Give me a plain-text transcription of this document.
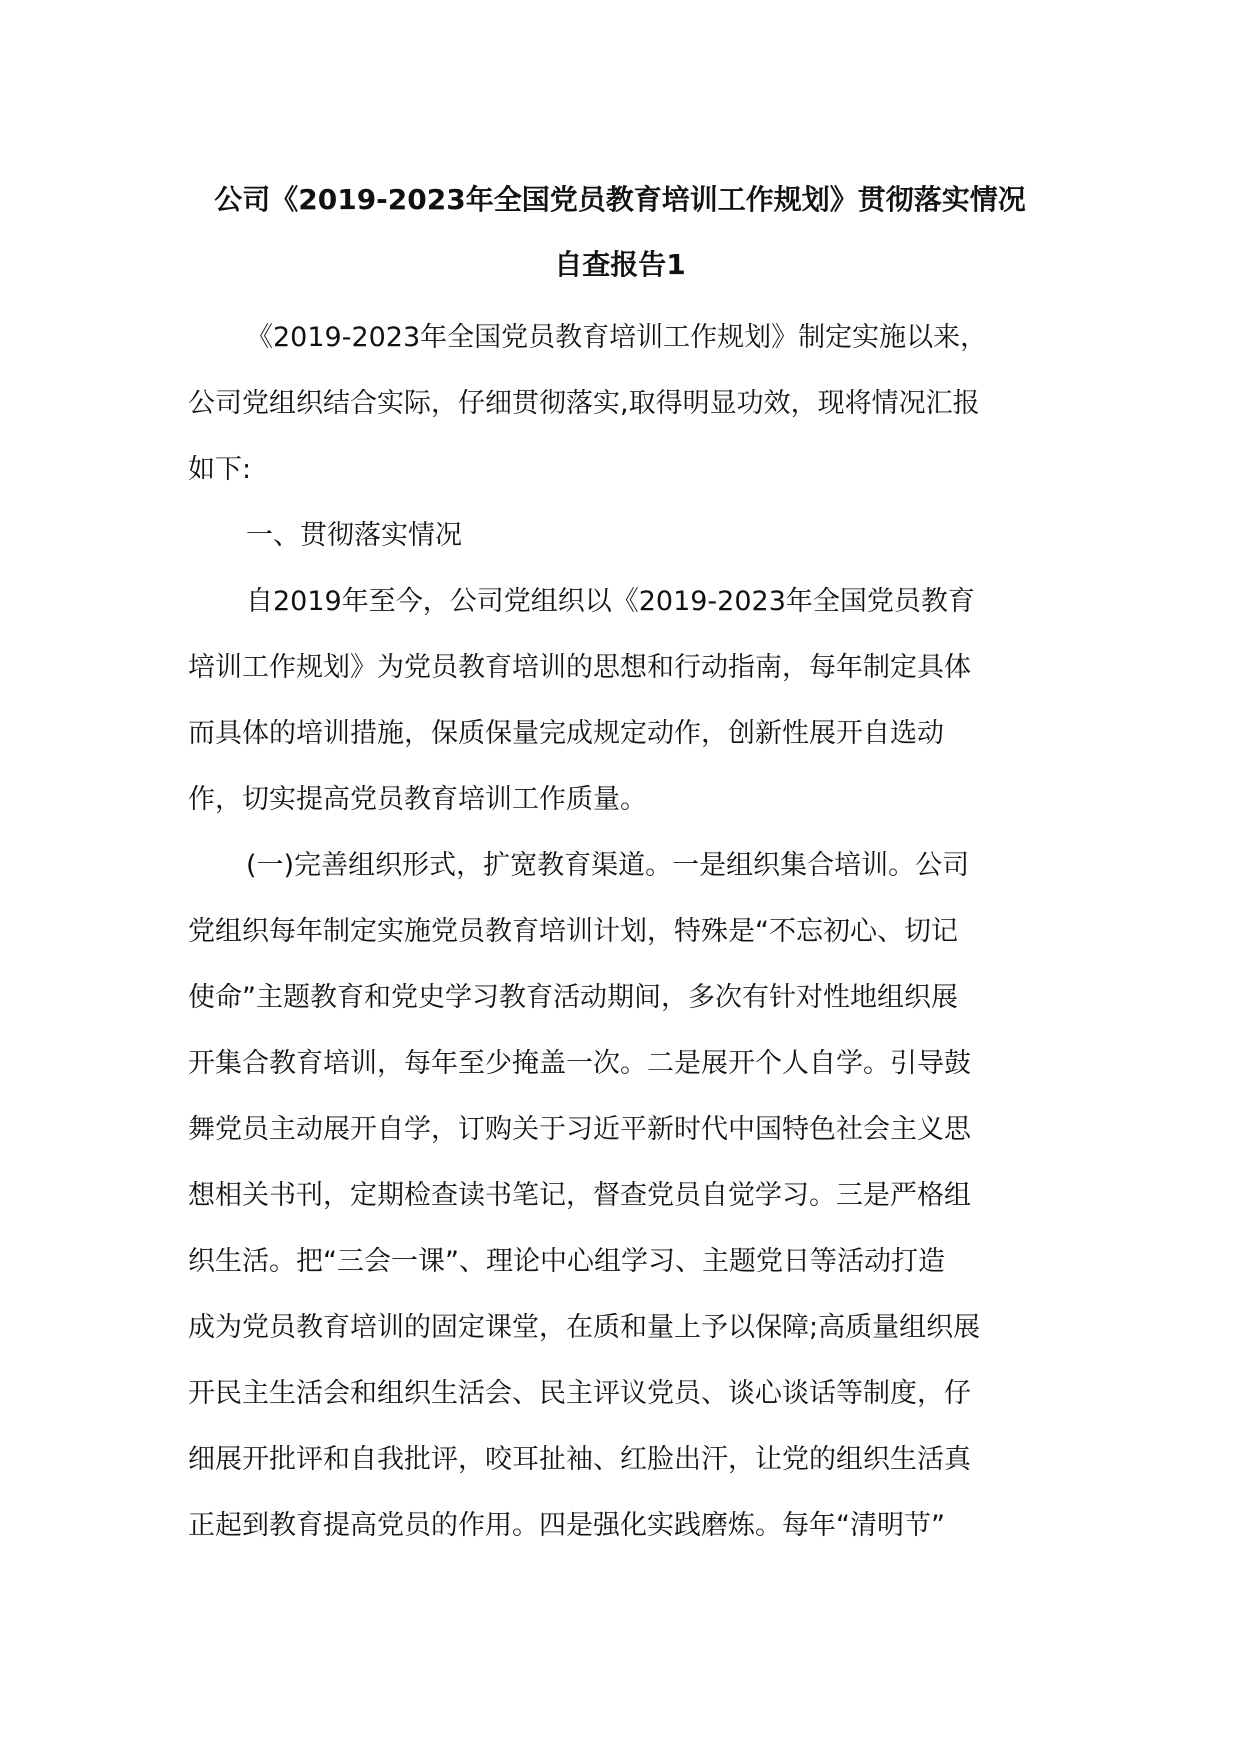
公司《2019-2023年全国党员教育培训工作规划》贯彻落实情况
自查报告1
《2019-2023年全国党员教育培训工作规划》制定实施以来，
公司党组织结合实际，仔细贯彻落实,取得明显功效，现将情况汇报
如下:
一、贯彻落实情况
自2019年至今，公司党组织以《2019-2023年全国党员教育
培训工作规划》为党员教育培训的思想和行动指南，每年制定具体
而具体的培训措施，保质保量完成规定动作，创新性展开自选动
作，切实提高党员教育培训工作质量。
(一)完善组织形式，扩宽教育渠道。一是组织集合培训。公司
党组织每年制定实施党员教育培训计划，特殊是“不忘初心、切记
使命”主题教育和党史学习教育活动期间，多次有针对性地组织展
开集合教育培训，每年至少掩盖一次。二是展开个人自学。引导鼓
舞党员主动展开自学，订购关于习近平新时代中国特色社会主义思
想相关书刊，定期检查读书笔记，督查党员自觉学习。三是严格组
织生活。把“三会一课”、理论中心组学习、主题党日等活动打造
成为党员教育培训的固定课堂，在质和量上予以保障;高质量组织展
开民主生活会和组织生活会、民主评议党员、谈心谈话等制度，仔
细展开批评和自我批评，咬耳扯袖、红脸出汗，让党的组织生活真
正起到教育提高党员的作用。四是强化实践磨炼。每年“清明节”
